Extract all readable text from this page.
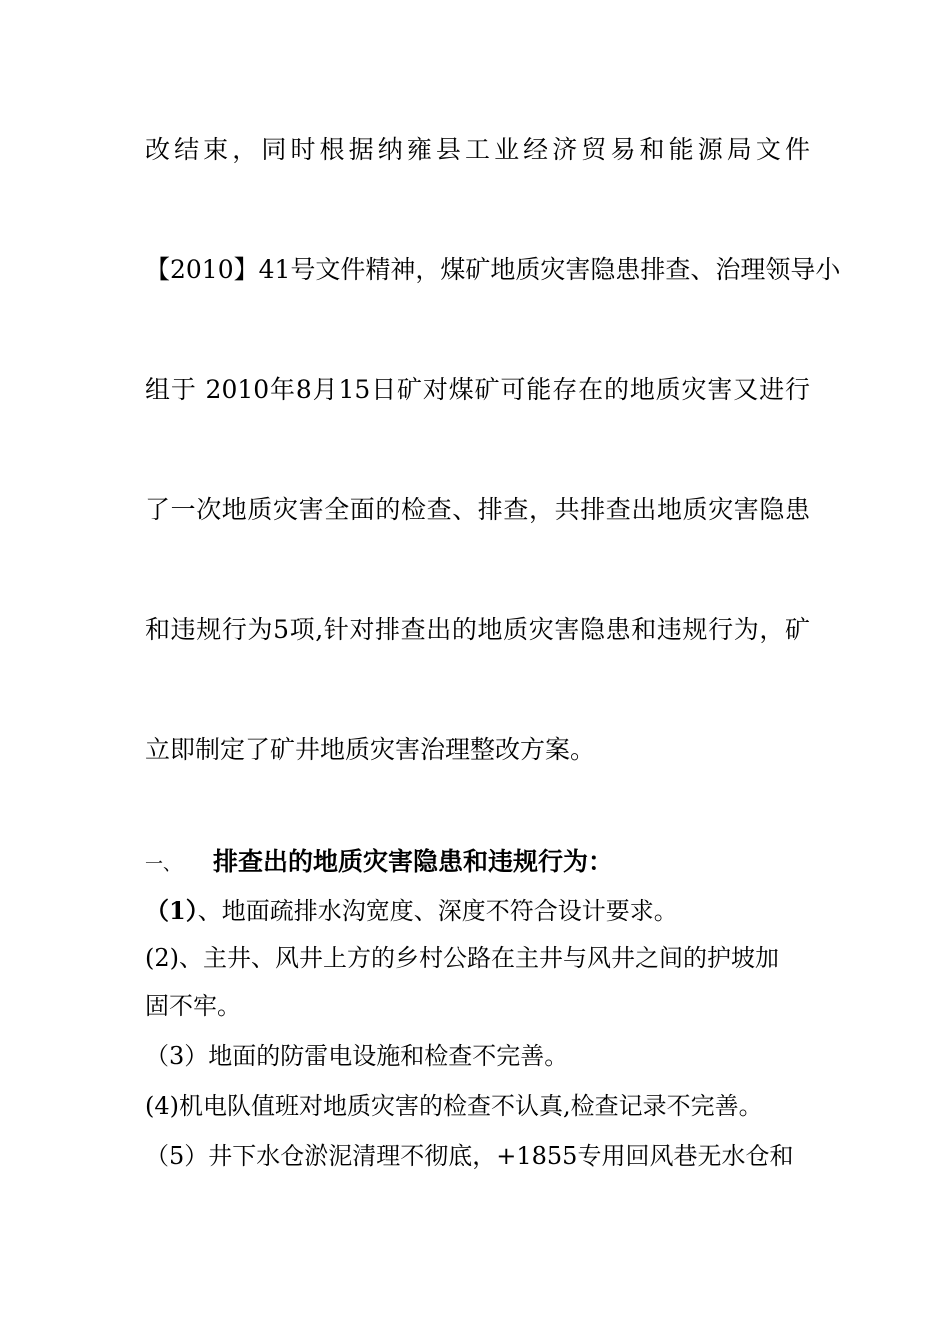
改结束，同时根据纳雍县工业经济贸易和能源局文件
【2010】41号文件精神，煤矿地质灾害隐患排查、治理领导小
组于 2010年8月15日矿对煤矿可能存在的地质灾害又进行
了一次地质灾害全面的检查、排查，共排查出地质灾害隐患
和违规行为5项,针对排查出的地质灾害隐患和违规行为，矿
立即制定了矿井地质灾害治理整改方案。
一、 排查出的地质灾害隐患和违规行为：
（1）、地面疏排水沟宽度、深度不符合设计要求。
(2)、主井、风井上方的乡村公路在主井与风井之间的护坡加
固不牢。
（3）地面的防雷电设施和检查不完善。
(4)机电队值班对地质灾害的检查不认真,检查记录不完善。
（5）井下水仓淤泥清理不彻底，+1855专用回风巷无水仓和
